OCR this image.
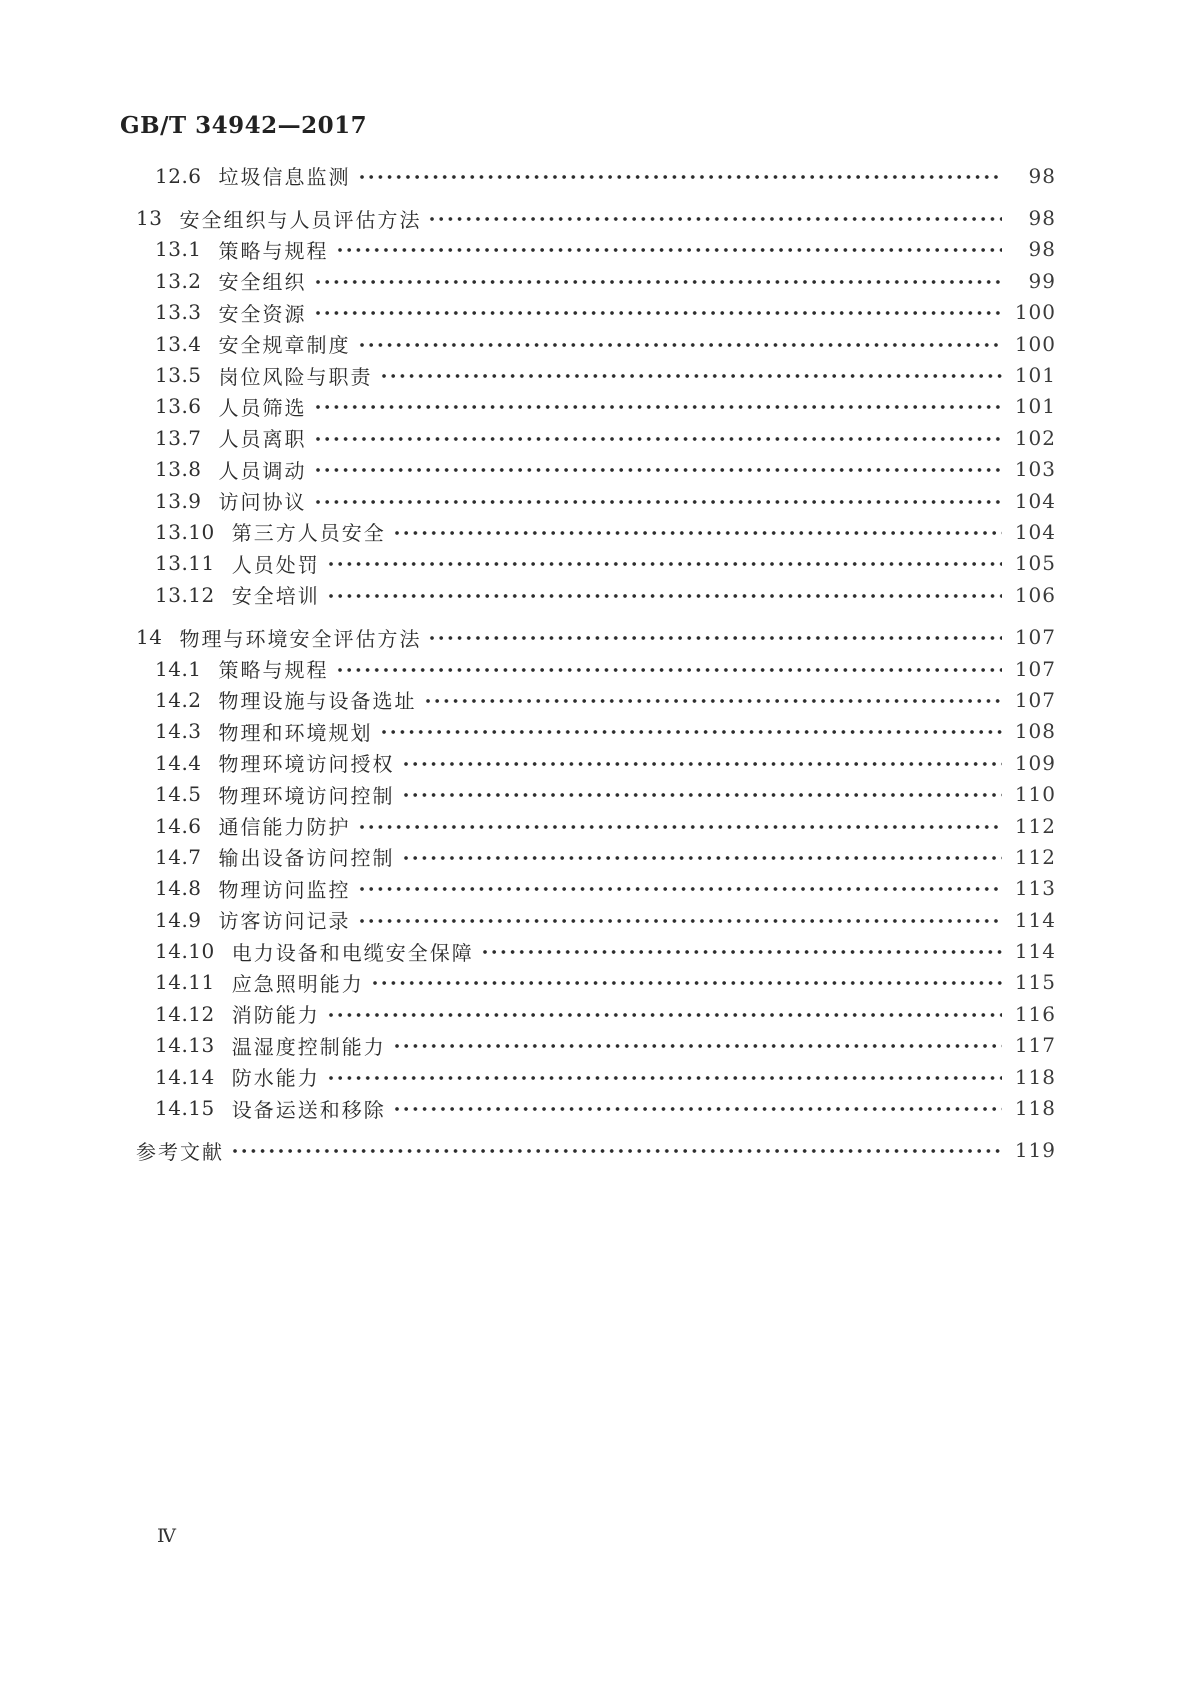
GB/T 34942—2017
12.6 垃圾信息监测	98
13 安全组织与人员评估方法	98
13.1 策略与规程	98
13.2 安全组织	99
13.3 安全资源	100
13.4 安全规章制度	100
13.5 岗位风险与职责	101
13.6 人员筛选	101
13.7 人员离职	102
13.8 人员调动	103
13.9 访问协议	104
13.10 第三方人员安全	104
13.11 人员处罚	105
13.12 安全培训	106
14 物理与环境安全评估方法	107
14.1 策略与规程	107
14.2 物理设施与设备选址	107
14.3 物理和环境规划	108
14.4 物理环境访问授权	109
14.5 物理环境访问控制	110
14.6 通信能力防护	112
14.7 输出设备访问控制	112
14.8 物理访问监控	113
14.9 访客访问记录	114
14.10 电力设备和电缆安全保障	114
14.11 应急照明能力	115
14.12 消防能力	116
14.13 温湿度控制能力	117
14.14 防水能力	118
14.15 设备运送和移除	118
参考文献	119
Ⅳ
